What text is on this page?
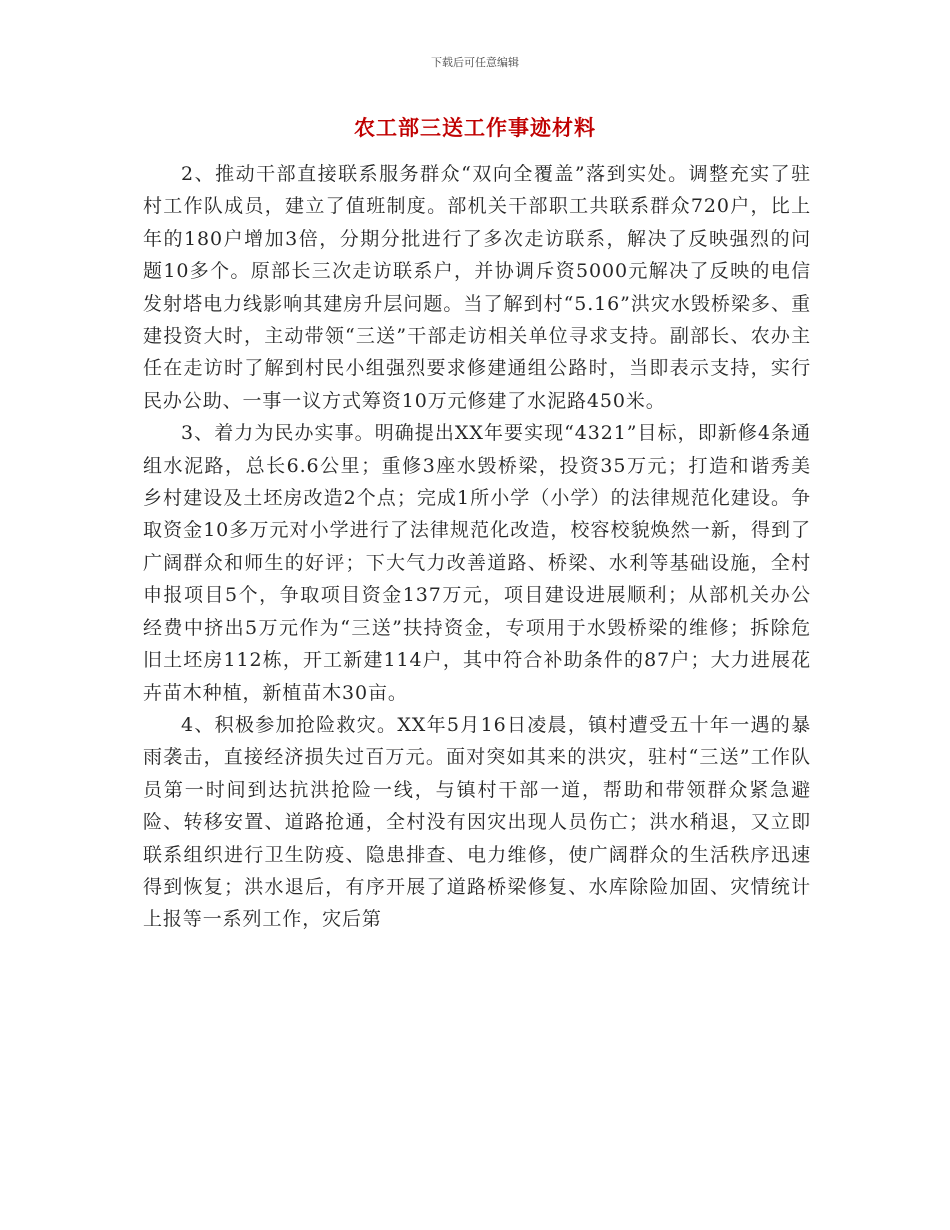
下载后可任意编辑
农工部三送工作事迹材料

2、推动干部直接联系服务群众“双向全覆盖”落到实处。调整充实了驻村工作队成员，建立了值班制度。部机关干部职工共联系群众720户，比上年的180户增加3倍，分期分批进行了多次走访联系，解决了反映强烈的问题10多个。原部长三次走访联系户，并协调斥资5000元解决了反映的电信发射塔电力线影响其建房升层问题。当了解到村“5.16”洪灾水毁桥梁多、重建投资大时，主动带领“三送”干部走访相关单位寻求支持。副部长、农办主任在走访时了解到村民小组强烈要求修建通组公路时，当即表示支持，实行民办公助、一事一议方式筹资10万元修建了水泥路450米。

3、着力为民办实事。明确提出XX年要实现“4321”目标，即新修4条通组水泥路，总长6.6公里；重修3座水毁桥梁，投资35万元；打造和谐秀美乡村建设及土坯房改造2个点；完成1所小学（小学）的法律规范化建设。争取资金10多万元对小学进行了法律规范化改造，校容校貌焕然一新，得到了广阔群众和师生的好评；下大气力改善道路、桥梁、水利等基础设施，全村申报项目5个，争取项目资金137万元，项目建设进展顺利；从部机关办公经费中挤出5万元作为“三送”扶持资金，专项用于水毁桥梁的维修；拆除危旧土坯房112栋，开工新建114户，其中符合补助条件的87户；大力进展花卉苗木种植，新植苗木30亩。

4、积极参加抢险救灾。XX年5月16日凌晨，镇村遭受五十年一遇的暴雨袭击，直接经济损失过百万元。面对突如其来的洪灾，驻村“三送”工作队员第一时间到达抗洪抢险一线，与镇村干部一道，帮助和带领群众紧急避险、转移安置、道路抢通，全村没有因灾出现人员伤亡；洪水稍退，又立即联系组织进行卫生防疫、隐患排查、电力维修，使广阔群众的生活秩序迅速得到恢复；洪水退后，有序开展了道路桥梁修复、水库除险加固、灾情统计上报等一系列工作，灾后第
